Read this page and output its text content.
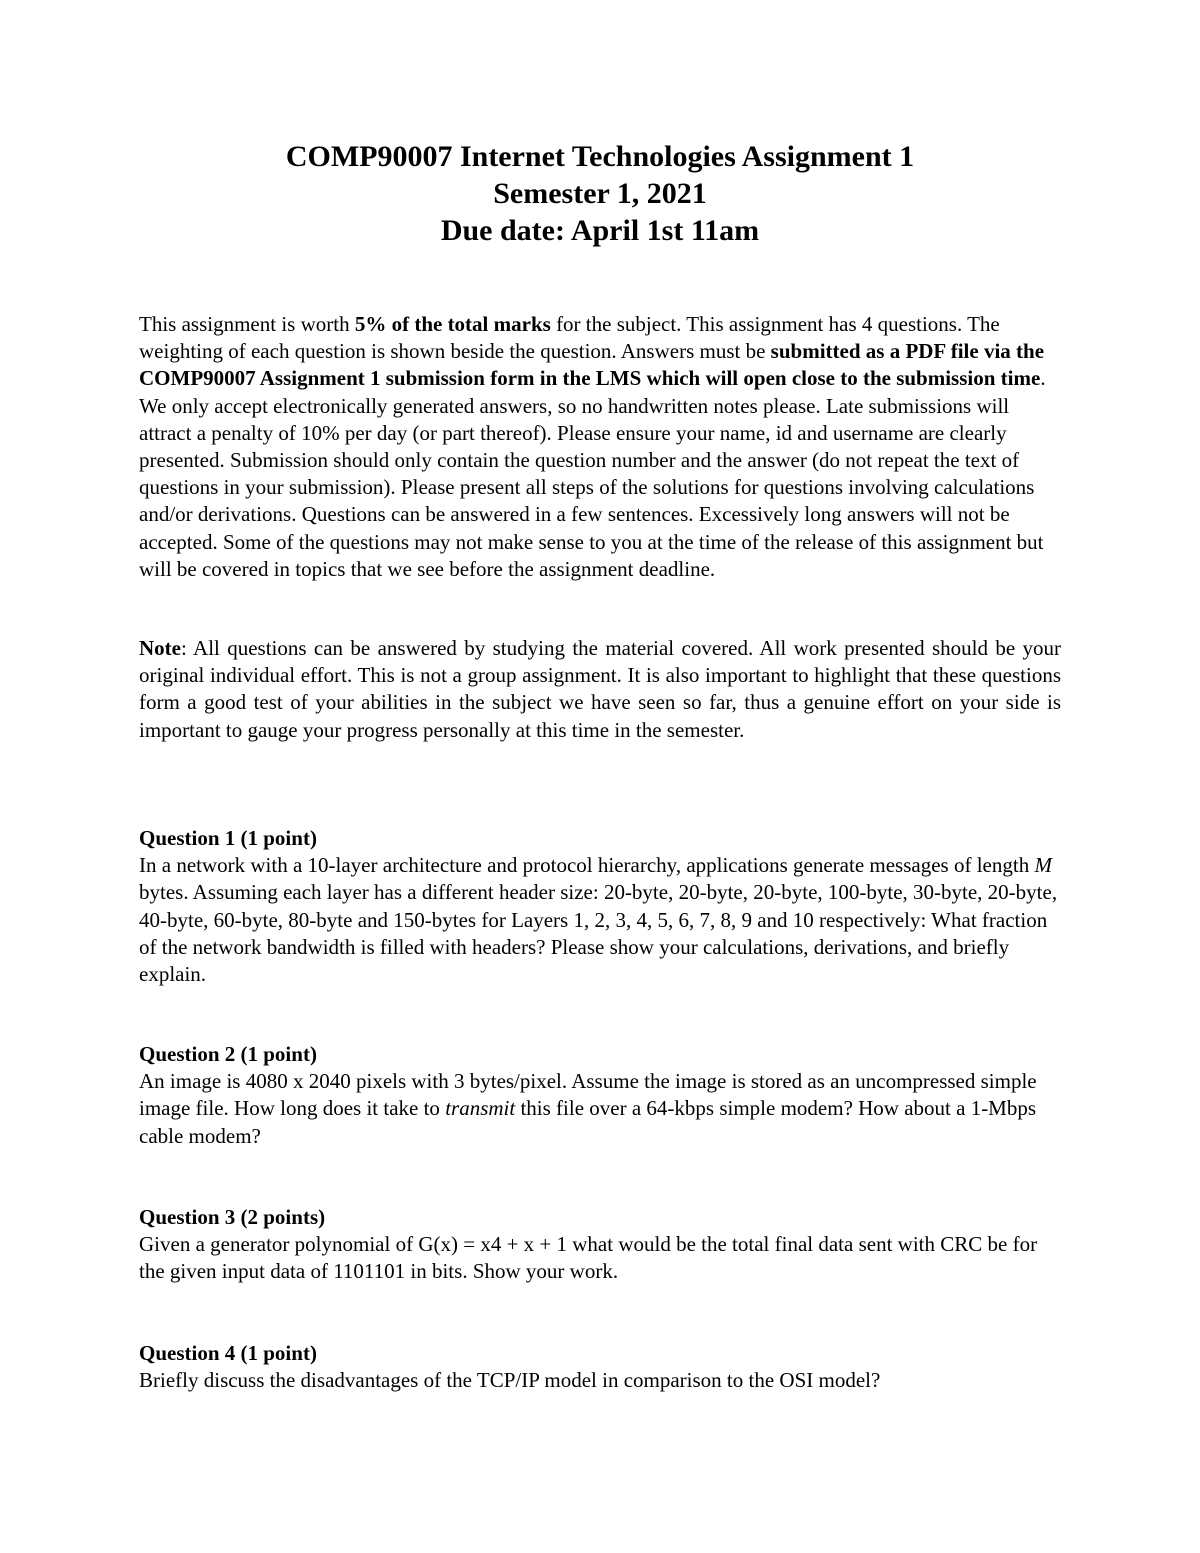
COMP90007 Internet Technologies Assignment 1
Semester 1, 2021
Due date: April 1st 11am
This assignment is worth 5% of the total marks for the subject. This assignment has 4 questions. The weighting of each question is shown beside the question. Answers must be submitted as a PDF file via the COMP90007 Assignment 1 submission form in the LMS which will open close to the submission time. We only accept electronically generated answers, so no handwritten notes please. Late submissions will attract a penalty of 10% per day (or part thereof). Please ensure your name, id and username are clearly presented. Submission should only contain the question number and the answer (do not repeat the text of questions in your submission). Please present all steps of the solutions for questions involving calculations and/or derivations. Questions can be answered in a few sentences. Excessively long answers will not be accepted. Some of the questions may not make sense to you at the time of the release of this assignment but will be covered in topics that we see before the assignment deadline.
Note: All questions can be answered by studying the material covered. All work presented should be your original individual effort. This is not a group assignment. It is also important to highlight that these questions form a good test of your abilities in the subject we have seen so far, thus a genuine effort on your side is important to gauge your progress personally at this time in the semester.
Question 1 (1 point)
In a network with a 10-layer architecture and protocol hierarchy, applications generate messages of length M bytes. Assuming each layer has a different header size: 20-byte, 20-byte, 20-byte, 100-byte, 30-byte, 20-byte, 40-byte, 60-byte, 80-byte and 150-bytes for Layers 1, 2, 3, 4, 5, 6, 7, 8, 9 and 10 respectively: What fraction of the network bandwidth is filled with headers? Please show your calculations, derivations, and briefly explain.
Question 2 (1 point)
An image is 4080 x 2040 pixels with 3 bytes/pixel. Assume the image is stored as an uncompressed simple image file. How long does it take to transmit this file over a 64-kbps simple modem? How about a 1-Mbps cable modem?
Question 3 (2 points)
Given a generator polynomial of G(x) = x4 + x + 1 what would be the total final data sent with CRC be for the given input data of 1101101 in bits. Show your work.
Question 4 (1 point)
Briefly discuss the disadvantages of the TCP/IP model in comparison to the OSI model?
